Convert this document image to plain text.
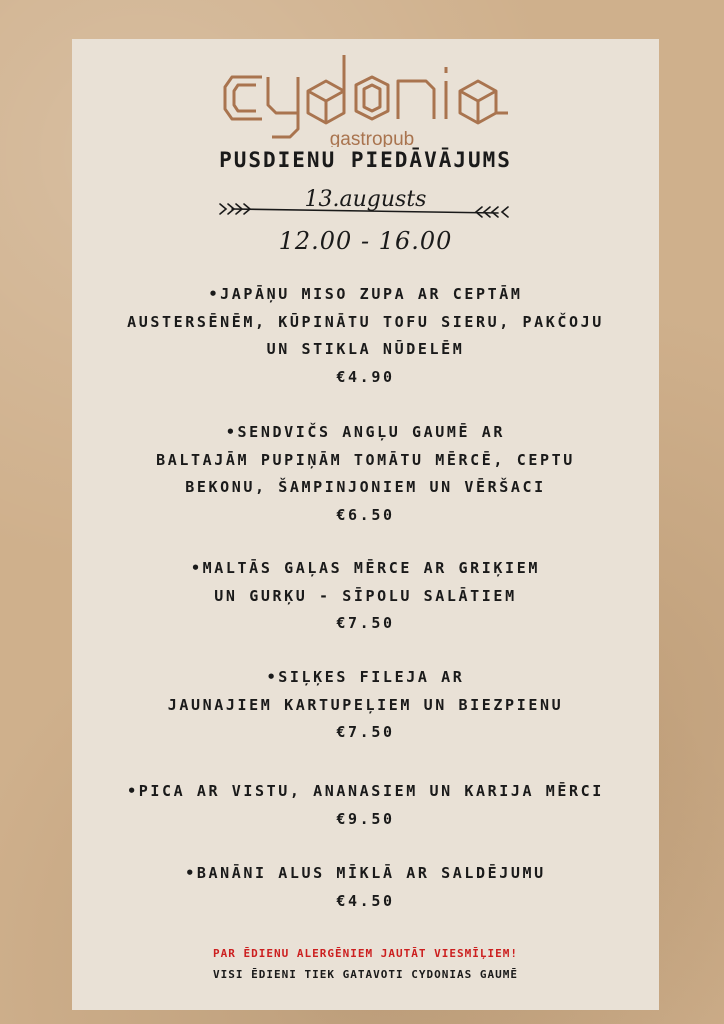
gastropub
PUSDIENU PIEDĀVĀJUMS
13.augusts
12.00 - 16.00
•JAPĀŅU MISO ZUPA AR CEPTĀM
AUSTERSĒNĒM, KŪPINĀTU TOFU SIERU, PAKČOJU
UN STIKLA NŪDELĒM
€4.90
•SENDVIČS ANGĻU GAUMĒ AR
BALTAJĀM PUPIŅĀM TOMĀTU MĒRCĒ, CEPTU
BEKONU, ŠAMPINJONIEM UN VĒRŠACI
€6.50
•MALTĀS GAĻAS MĒRCE AR GRIĶIEM
UN GURĶU - SĪPOLU SALĀTIEM
€7.50
•SIĻĶES FILEJA AR
JAUNAJIEM KARTUPEĻIEM UN BIEZPIENU
€7.50
•PICA AR VISTU, ANANASIEM UN KARIJA MĒRCI
€9.50
•BANĀNI ALUS MĪKLĀ AR SALDĒJUMU
€4.50
PAR ĒDIENU ALERGĒNIEM JAUTĀT VIESMĪĻIEM!
VISI ĒDIENI TIEK GATAVOTI CYDONIAS GAUMĒ
